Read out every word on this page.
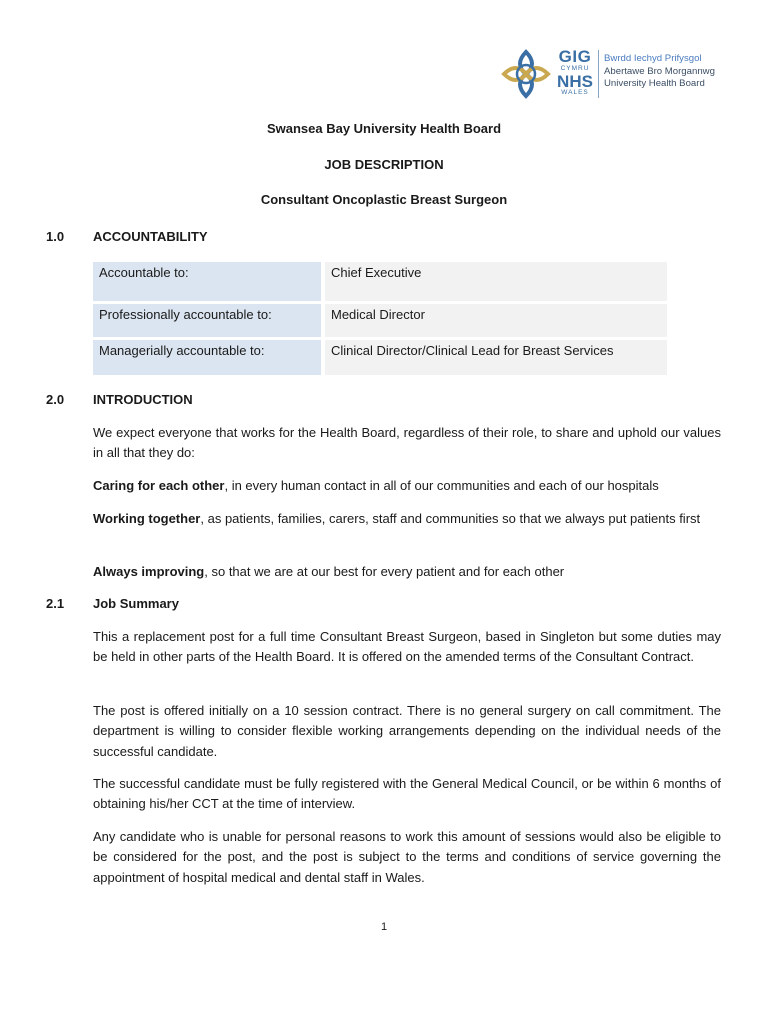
GIG
CYMRU
NHS
WALES
Bwrdd Iechyd Prifysgol
Abertawe Bro Morgannwg
University Health Board
Swansea Bay University Health Board
JOB DESCRIPTION
Consultant Oncoplastic Breast Surgeon
1.0 ACCOUNTABILITY
Accountable to:	Chief Executive
Professionally accountable to:	Medical Director
Managerially accountable to:	Clinical Director/Clinical Lead for Breast Services
2.0 INTRODUCTION
We expect everyone that works for the Health Board, regardless of their role, to share and uphold our values in all that they do:
Caring for each other, in every human contact in all of our communities and each of our hospitals
Working together, as patients, families, carers, staff and communities so that we always put patients first
Always improving, so that we are at our best for every patient and for each other
2.1 Job Summary
This a replacement post for a full time Consultant Breast Surgeon, based in Singleton but some duties may be held in other parts of the Health Board. It is offered on the amended terms of the Consultant Contract.
The post is offered initially on a 10 session contract. There is no general surgery on call commitment. The department is willing to consider flexible working arrangements depending on the individual needs of the successful candidate.
The successful candidate must be fully registered with the General Medical Council, or be within 6 months of obtaining his/her CCT at the time of interview.
Any candidate who is unable for personal reasons to work this amount of sessions would also be eligible to be considered for the post, and the post is subject to the terms and conditions of service governing the appointment of hospital medical and dental staff in Wales.
1
